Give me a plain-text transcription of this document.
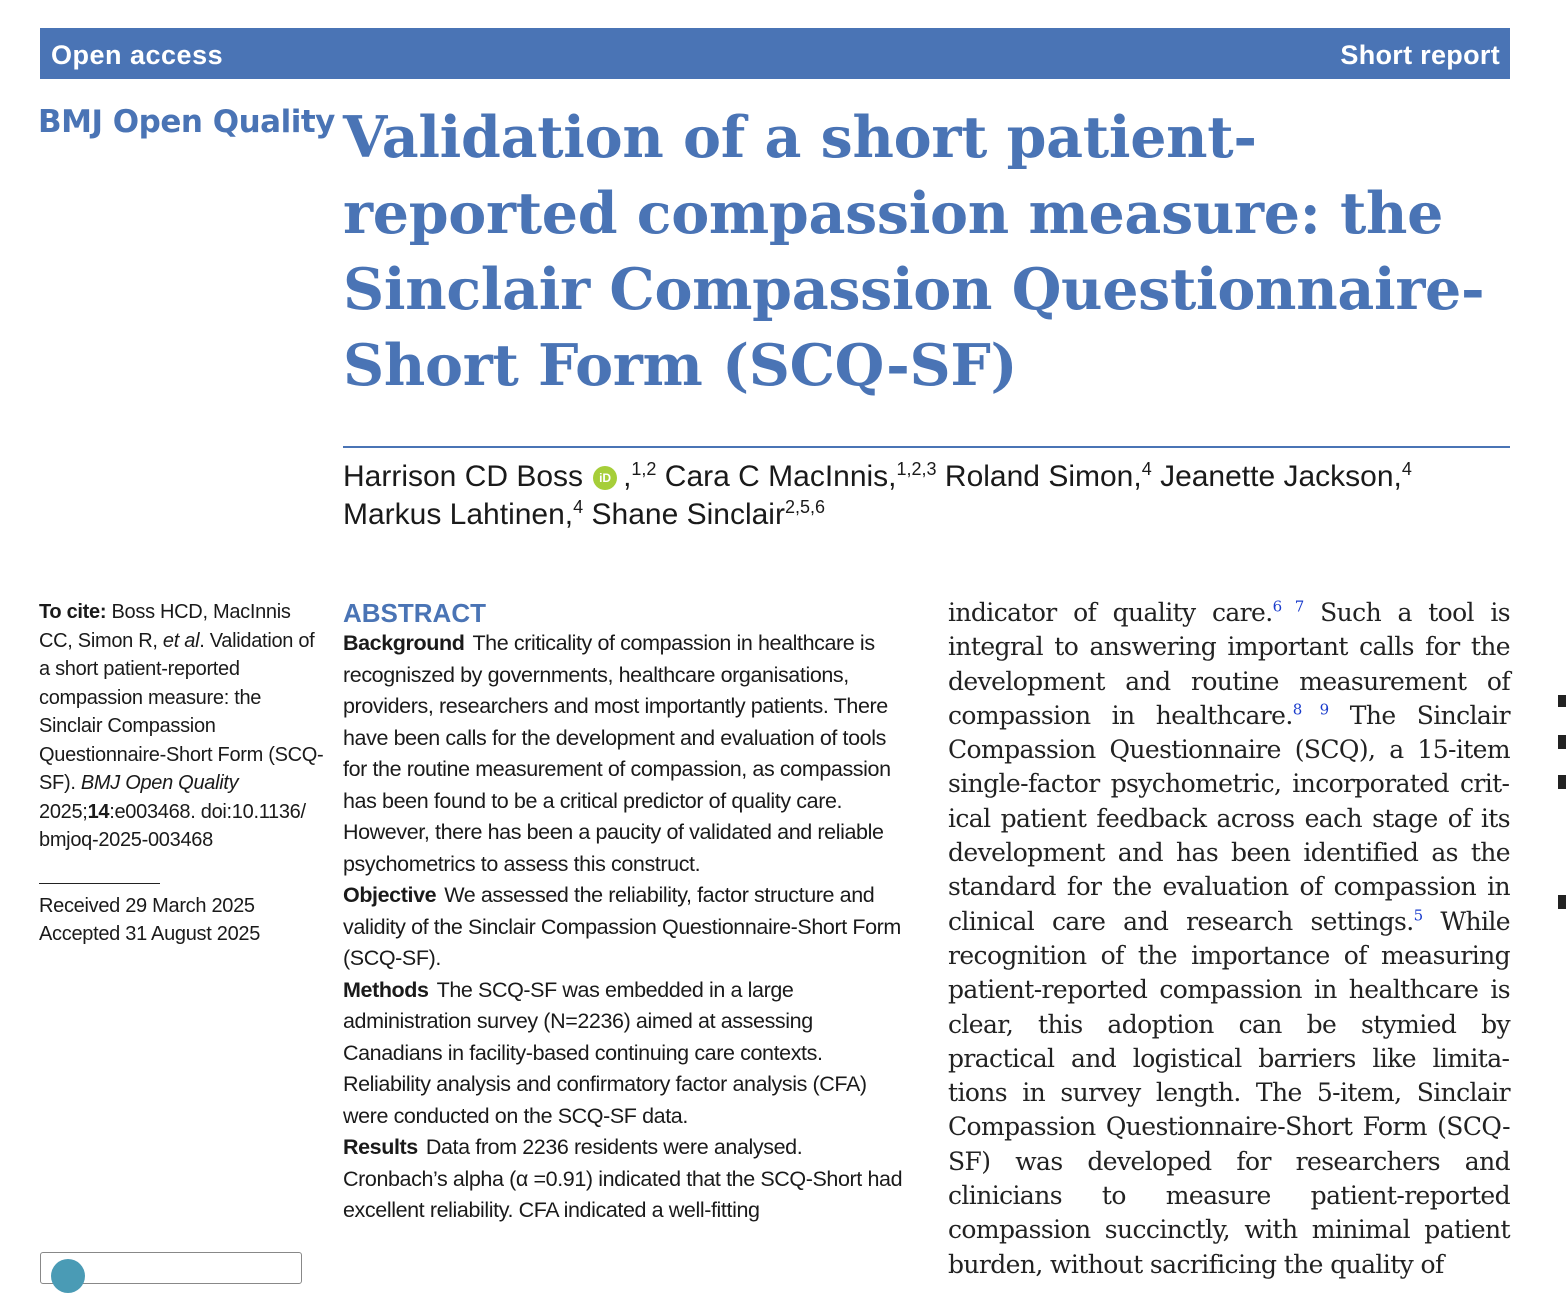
Open access	Short report
BMJ Open Quality Validation of a short patient-reported compassion measure: the Sinclair Compassion Questionnaire-Short Form (SCQ-SF)
Harrison CD Boss iD ,$^{1,2}$ Cara C MacInnis,$^{1,2,3}$ Roland Simon,$^4$ Jeanette Jackson,$^4$
Markus Lahtinen,$^4$ Shane Sinclair$^{2,5,6}$
To cite: Boss HCD, MacInnis CC, Simon R, et al. Validation of a short patient-reported compassion measure: the Sinclair Compassion Questionnaire-Short Form (SCQ-SF). BMJ Open Quality 2025;14:e003468. doi:10.1136/ bmjoq-2025-003468
Received 29 March 2025
Accepted 31 August 2025
ABSTRACT

Background The criticality of compassion in healthcare is recogniszed by governments, healthcare organisations, providers, researchers and most importantly patients. There have been calls for the development and evaluation of tools for the routine measurement of compassion, as compassion has been found to be a critical predictor of quality care. However, there has been a paucity of validated and reliable psychometrics to assess this construct.

Objective We assessed the reliability, factor structure and validity of the Sinclair Compassion Questionnaire-Short Form (SCQ-SF).

Methods The SCQ-SF was embedded in a large administration survey (N=2236) aimed at assessing Canadians in facility-based continuing care contexts. Reliability analysis and confirmatory factor analysis (CFA) were conducted on the SCQ-SF data.

Results Data from 2236 residents were analysed. Cronbach’s alpha (α =0.91) indicated that the SCQ-Short had excellent reliability. CFA indicated a well-fitting

indicator of quality care.$^{6 7}$ Such a tool is integral to answering important calls for the development and routine measurement of compassion in healthcare.$^{8 9}$ The Sinclair Compassion Questionnaire (SCQ), a 15-item single-factor psychometric, incorporated critical patient feedback across each stage of its development and has been identified as the standard for the evaluation of compassion in clinical care and research settings.$^5$ While recognition of the importance of measuring patient-reported compassion in healthcare is clear, this adoption can be stymied by practical and logistical barriers like limitations in survey length. The 5-item, Sinclair Compassion Questionnaire-Short Form (SCQ-SF) was developed for researchers and clinicians to measure patient-reported compassion succinctly, with minimal patient burden, without sacrificing the quality of
